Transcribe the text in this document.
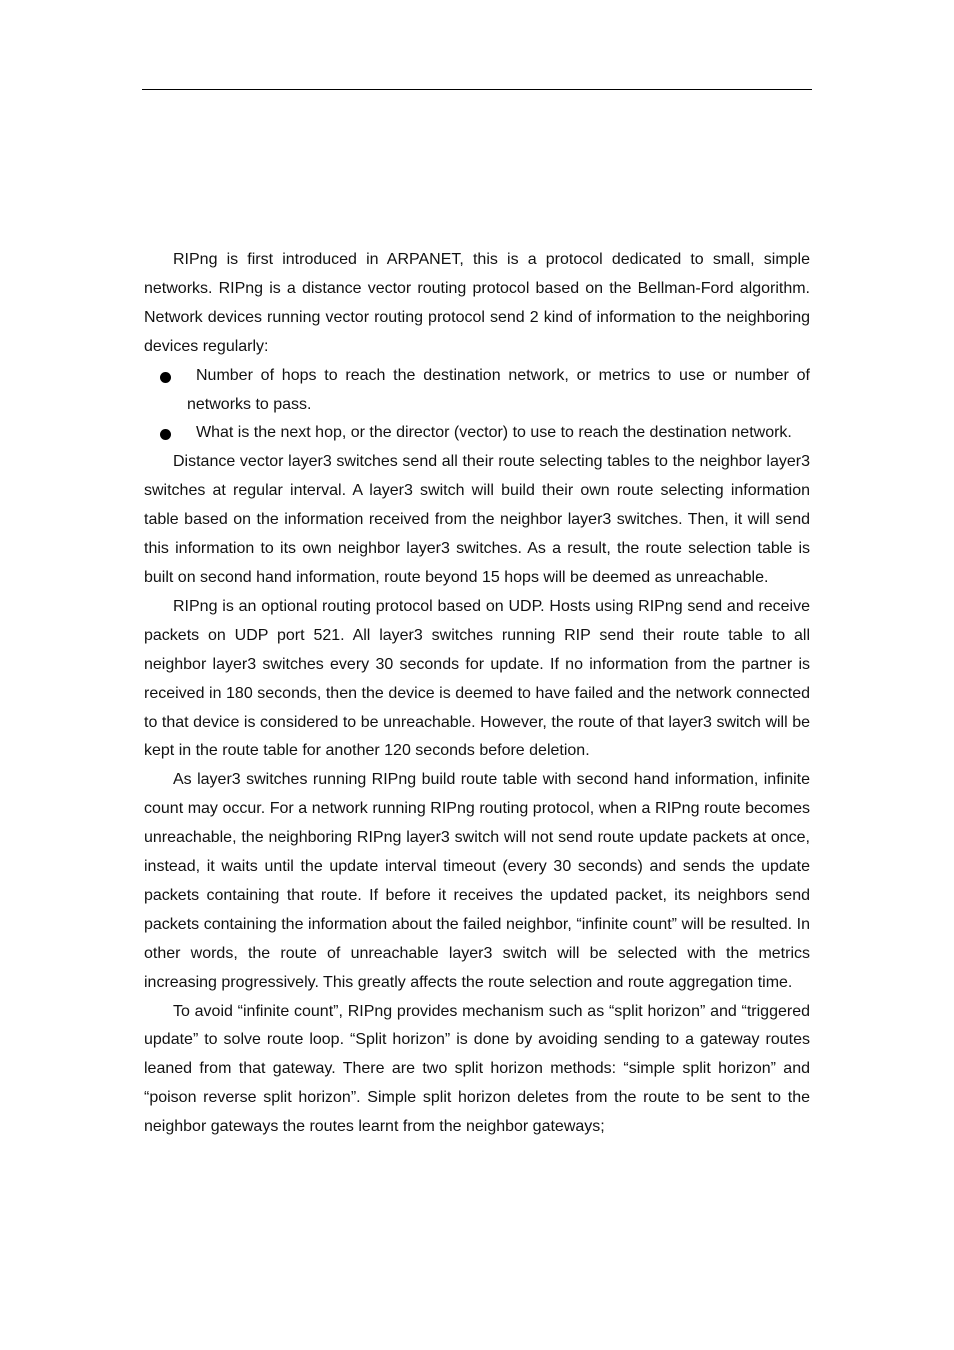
RIPng is first introduced in ARPANET, this is a protocol dedicated to small, simple networks. RIPng is a distance vector routing protocol based on the Bellman-Ford algorithm. Network devices running vector routing protocol send 2 kind of information to the neighboring devices regularly:

Number of hops to reach the destination network, or metrics to use or number of networks to pass.
What is the next hop, or the director (vector) to use to reach the destination network.

Distance vector layer3 switches send all their route selecting tables to the neighbor layer3 switches at regular interval. A layer3 switch will build their own route selecting information table based on the information received from the neighbor layer3 switches. Then, it will send this information to its own neighbor layer3 switches. As a result, the route selection table is built on second hand information, route beyond 15 hops will be deemed as unreachable.

RIPng is an optional routing protocol based on UDP. Hosts using RIPng send and receive packets on UDP port 521. All layer3 switches running RIP send their route table to all neighbor layer3 switches every 30 seconds for update. If no information from the partner is received in 180 seconds, then the device is deemed to have failed and the network connected to that device is considered to be unreachable. However, the route of that layer3 switch will be kept in the route table for another 120 seconds before deletion.

As layer3 switches running RIPng build route table with second hand information, infinite count may occur. For a network running RIPng routing protocol, when a RIPng route becomes unreachable, the neighboring RIPng layer3 switch will not send route update packets at once, instead, it waits until the update interval timeout (every 30 seconds) and sends the update packets containing that route. If before it receives the updated packet, its neighbors send packets containing the information about the failed neighbor, “infinite count” will be resulted. In other words, the route of unreachable layer3 switch will be selected with the metrics increasing progressively. This greatly affects the route selection and route aggregation time.

To avoid “infinite count”, RIPng provides mechanism such as “split horizon” and “triggered update” to solve route loop. “Split horizon” is done by avoiding sending to a gateway routes leaned from that gateway. There are two split horizon methods: “simple split horizon” and “poison reverse split horizon”. Simple split horizon deletes from the route to be sent to the neighbor gateways the routes learnt from the neighbor gateways;
